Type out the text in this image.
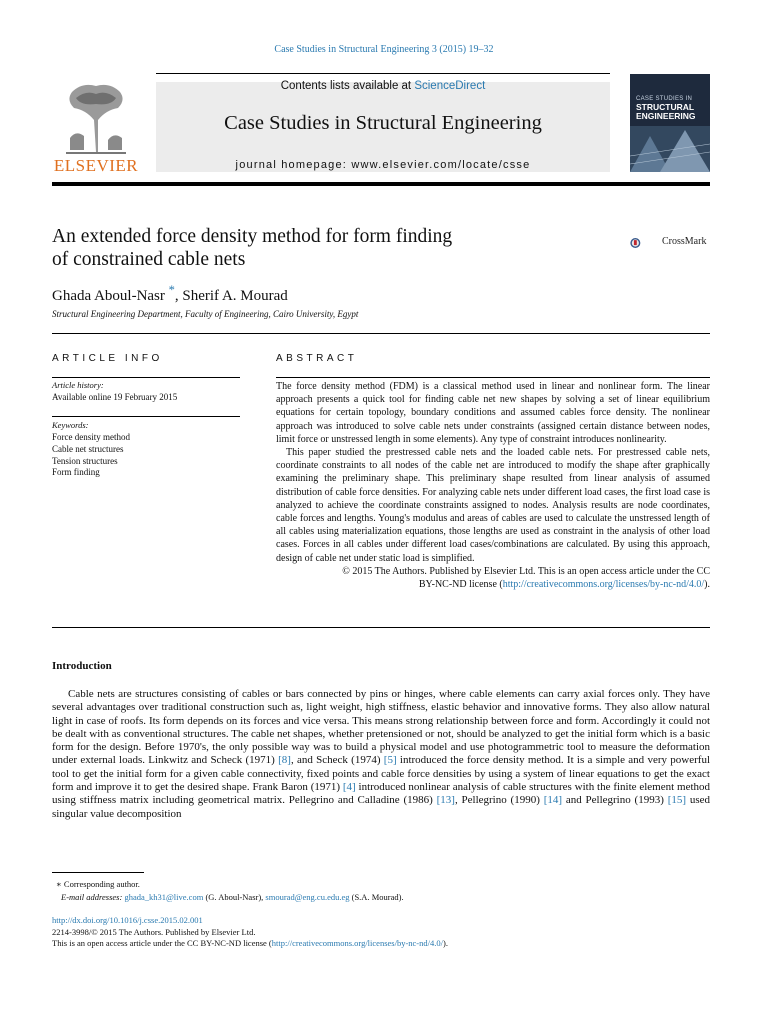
Case Studies in Structural Engineering 3 (2015) 19–32
ELSEVIER
Contents lists available at ScienceDirect
Case Studies in Structural Engineering
journal homepage: www.elsevier.com/locate/csse
CASE STUDIES IN
STRUCTURAL ENGINEERING
An extended force density method for form finding
of constrained cable nets
CrossMark
Ghada Aboul-Nasr *, Sherif A. Mourad
Structural Engineering Department, Faculty of Engineering, Cairo University, Egypt
ARTICLE INFO	ABSTRACT
Article history:
Available online 19 February 2015
Keywords:
Force density method
Cable net structures
Tension structures
Form finding

The force density method (FDM) is a classical method used in linear and nonlinear form. The linear approach presents a quick tool for finding cable net new shapes by solving a set of linear equilibrium equations for certain topology, boundary conditions and assumed cables force density. The nonlinear approach was introduced to solve cable nets under constraints (assigned certain distance between nodes, limit force or unstressed length in some elements). Any type of constraint introduces nonlinearity.

This paper studied the prestressed cable nets and the loaded cable nets. For prestressed cable nets, coordinate constraints to all nodes of the cable net are introduced to modify the shape after graphically examining the preliminary shape. This preliminary shape resulted from linear analysis of assumed distribution of cable force densities. For analyzing cable nets under different load cases, the first load case is analyzed to achieve the coordinate constraints assigned to nodes. Analysis results are node coordinates, cable forces and lengths. Young's modulus and areas of cables are used to calculate the unstressed length of all cables using materialization equations, those lengths are used as constraint in the analysis of other load cases. Forces in all cables under different load cases/combinations are calculated. By using this approach, design of cable net under static load is simplified.

© 2015 The Authors. Published by Elsevier Ltd. This is an open access article under the CC

BY-NC-ND license (http://creativecommons.org/licenses/by-nc-nd/4.0/).

Introduction

Cable nets are structures consisting of cables or bars connected by pins or hinges, where cable elements can carry axial forces only. They have several advantages over traditional construction such as, light weight, high stiffness, elastic behavior and innovative forms. They also allow natural light in case of roofs. Its form depends on its forces and vice versa. This means strong relationship between force and form. Accordingly it could not be dealt with as conventional structures. The cable net shapes, whether pretensioned or not, should be analyzed to get the initial form which is a basic form for the design. Before 1970's, the only possible way was to build a physical model and use photogrammetric tool to measure the deformation under external loads. Linkwitz and Scheck (1971) [8], and Scheck (1974) [5] introduced the force density method. It is a simple and very powerful tool to get the initial form for a given cable connectivity, fixed points and cable force densities by using a system of linear equations to get the exact form and improve it to get the desired shape. Frank Baron (1971) [4] introduced nonlinear analysis of cable structures with the finite element method using stiffness matrix including geometrical matrix. Pellegrino and Calladine (1986) [13], Pellegrino (1990) [14] and Pellegrino (1993) [15] used singular value decomposition

∗ Corresponding author.
E-mail addresses: ghada_kh31@live.com (G. Aboul-Nasr), smourad@eng.cu.edu.eg (S.A. Mourad).
http://dx.doi.org/10.1016/j.csse.2015.02.001
2214-3998/© 2015 The Authors. Published by Elsevier Ltd.
This is an open access article under the CC BY-NC-ND license (http://creativecommons.org/licenses/by-nc-nd/4.0/).
